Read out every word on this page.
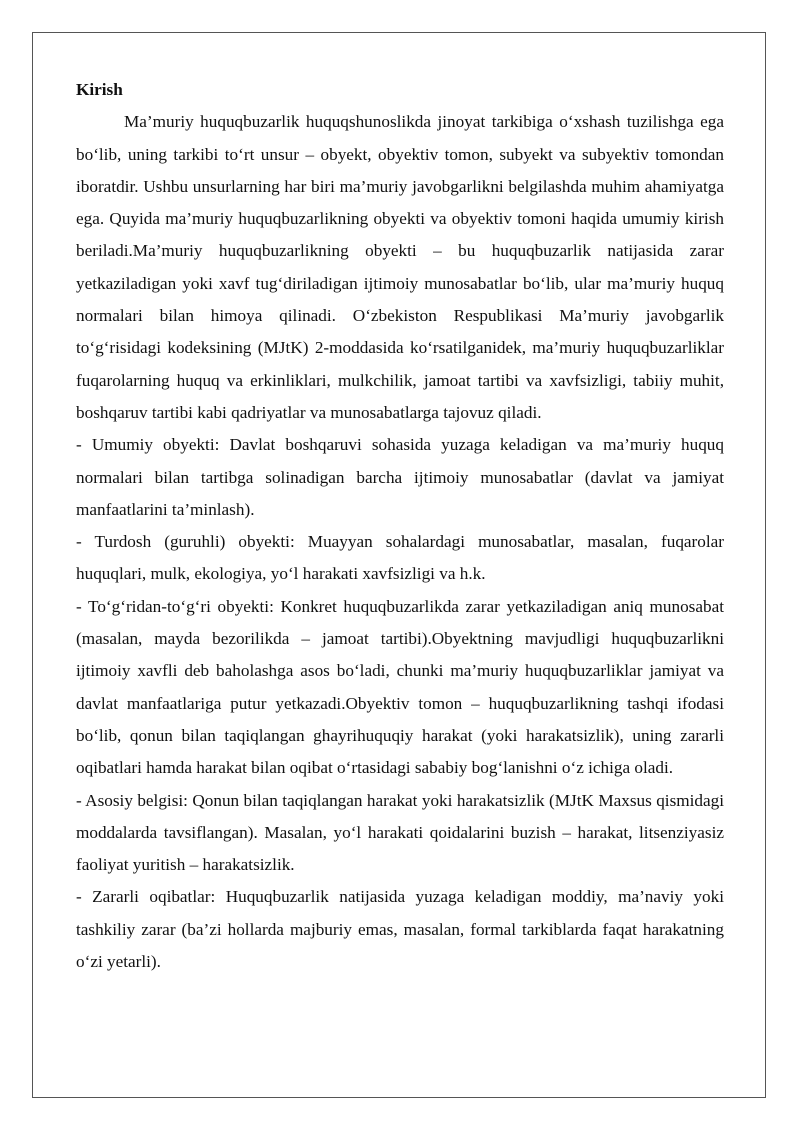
Kirish

Ma’muriy huquqbuzarlik huquqshunoslikda jinoyat tarkibiga o‘xshash tuzilishga ega bo‘lib, uning tarkibi to‘rt unsur – obyekt, obyektiv tomon, subyekt va subyektiv tomondan iboratdir. Ushbu unsurlarning har biri ma’muriy javobgarlikni belgilashda muhim ahamiyatga ega. Quyida ma’muriy huquqbuzarlikning obyekti va obyektiv tomoni haqida umumiy kirish beriladi.Ma’muriy huquqbuzarlikning obyekti – bu huquqbuzarlik natijasida zarar yetkaziladigan yoki xavf tug‘diriladigan ijtimoiy munosabatlar bo‘lib, ular ma’muriy huquq normalari bilan himoya qilinadi. O‘zbekiston Respublikasi Ma’muriy javobgarlik to‘g‘risidagi kodeksining (MJtK) 2-moddasida ko‘rsatilganidek, ma’muriy huquqbuzarliklar fuqarolarning huquq va erkinliklari, mulkchilik, jamoat tartibi va xavfsizligi, tabiiy muhit, boshqaruv tartibi kabi qadriyatlar va munosabatlarga tajovuz qiladi.

- Umumiy obyekti: Davlat boshqaruvi sohasida yuzaga keladigan va ma’muriy huquq normalari bilan tartibga solinadigan barcha ijtimoiy munosabatlar (davlat va jamiyat manfaatlarini ta’minlash).

- Turdosh (guruhli) obyekti: Muayyan sohalardagi munosabatlar, masalan, fuqarolar huquqlari, mulk, ekologiya, yo‘l harakati xavfsizligi va h.k.

- To‘g‘ridan-to‘g‘ri obyekti: Konkret huquqbuzarlikda zarar yetkaziladigan aniq munosabat (masalan, mayda bezorilikda – jamoat tartibi).Obyektning mavjudligi huquqbuzarlikni ijtimoiy xavfli deb baholashga asos bo‘ladi, chunki ma’muriy huquqbuzarliklar jamiyat va davlat manfaatlariga putur yetkazadi.Obyektiv tomon – huquqbuzarlikning tashqi ifodasi bo‘lib, qonun bilan taqiqlangan ghayrihuquqiy harakat (yoki harakatsizlik), uning zararli oqibatlari hamda harakat bilan oqibat o‘rtasidagi sababiy bog‘lanishni o‘z ichiga oladi.

- Asosiy belgisi: Qonun bilan taqiqlangan harakat yoki harakatsizlik (MJtK Maxsus qismidagi moddalarda tavsiflangan). Masalan, yo‘l harakati qoidalarini buzish – harakat, litsenziyasiz faoliyat yuritish – harakatsizlik.

- Zararli oqibatlar: Huquqbuzarlik natijasida yuzaga keladigan moddiy, ma’naviy yoki tashkiliy zarar (ba’zi hollarda majburiy emas, masalan, formal tarkiblarda faqat harakatning o‘zi yetarli).
